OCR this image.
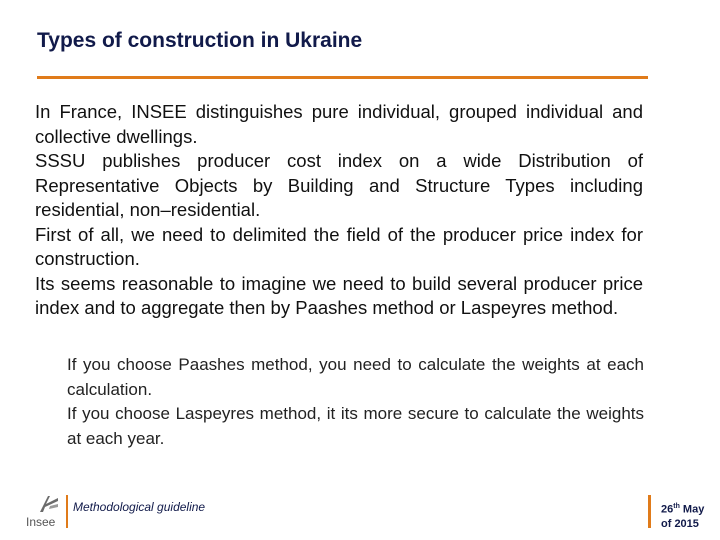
Types of construction in Ukraine

In France, INSEE distinguishes pure individual, grouped individual and collective dwellings.

SSSU publishes producer cost index on a wide Distribution of Representative Objects by Building and Structure Types including residential, non–residential.

First of all, we need to delimited the field of the producer price index for construction.

Its seems reasonable to imagine we need to build several producer price index and to aggregate then by Paashes method or Laspeyres method.

If you choose Paashes method, you need to calculate the weights at each calculation.

If you choose Laspeyres method, it its more secure to calculate the weights at each year.

Insee
Methodological guideline	26th May
of 2015
